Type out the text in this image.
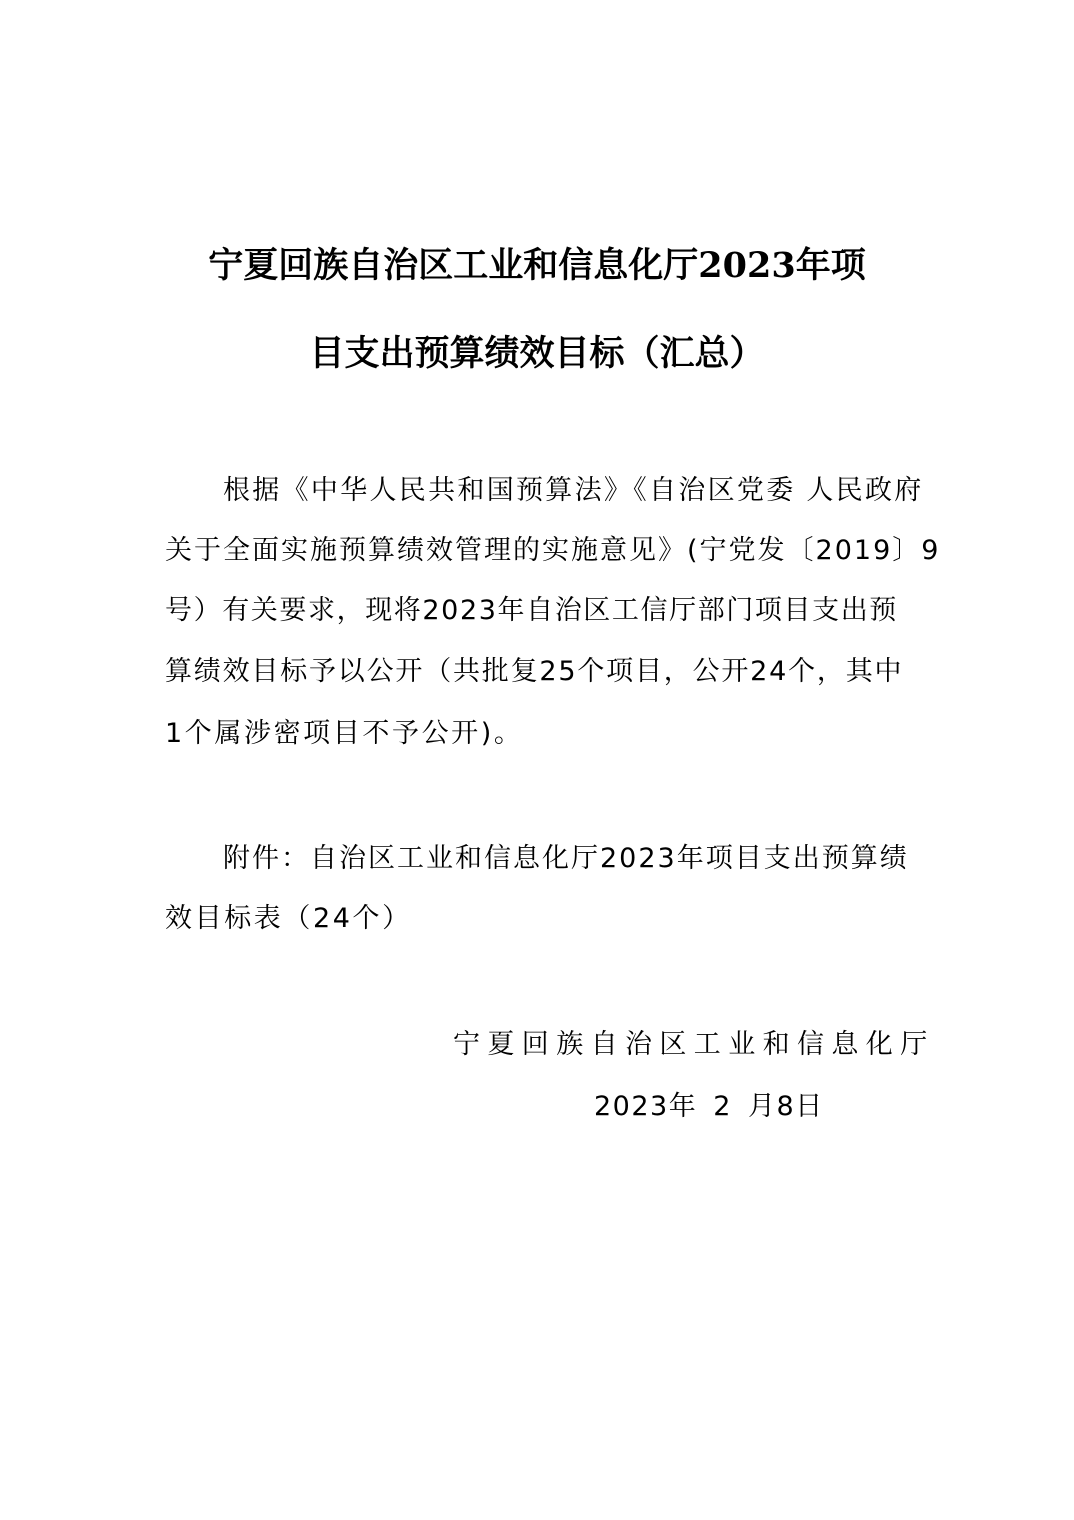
宁夏回族自治区工业和信息化厅2023年项
目支出预算绩效目标（汇总）
根据《中华人民共和国预算法》《自治区党委 人民政府
关于全面实施预算绩效管理的实施意见》(宁党发〔2019〕9
号）有关要求，现将2023年自治区工信厅部门项目支出预
算绩效目标予以公开（共批复25个项目，公开24个，其中
1个属涉密项目不予公开)。
附件：自治区工业和信息化厅2023年项目支出预算绩
效目标表（24个）
宁夏回族自治区工业和信息化厅
2023年 2 月8日
